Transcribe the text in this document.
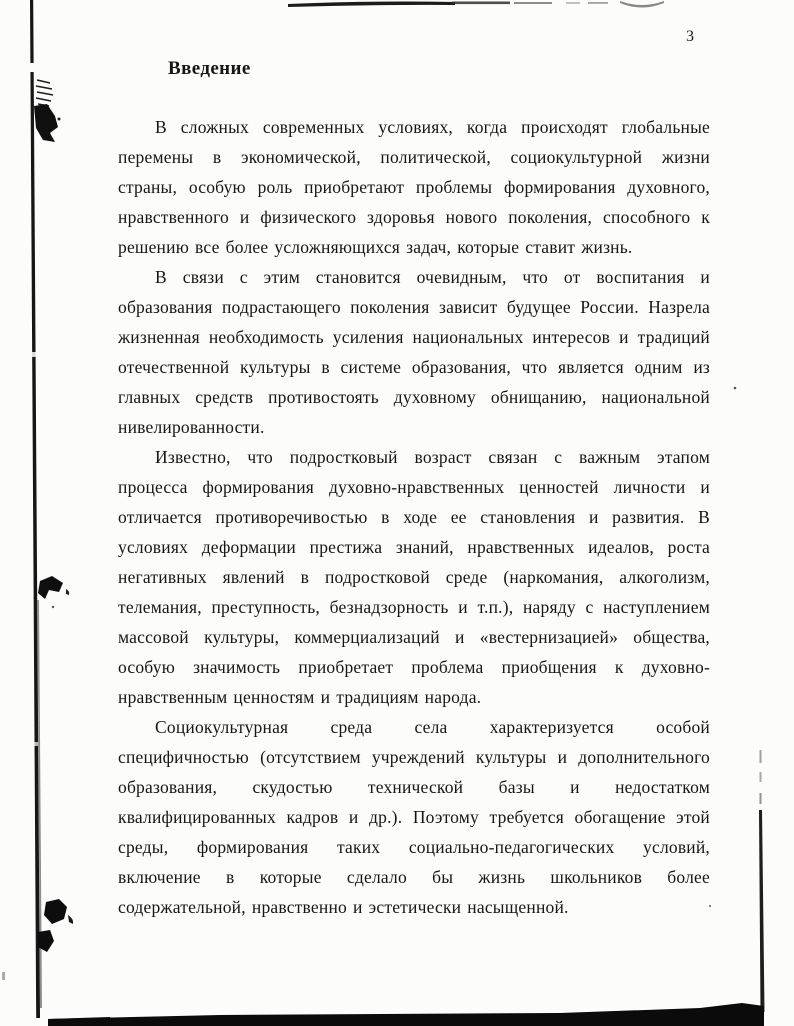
3
Введение
В сложных современных условиях, когда происходят глобальные
перемены в экономической, политической, социокультурной жизни
страны, особую роль приобретают проблемы формирования духовного,
нравственного и физического здоровья нового поколения, способного к
решению все более усложняющихся задач, которые ставит жизнь.
В связи с этим становится очевидным, что от воспитания и
образования подрастающего поколения зависит будущее России. Назрела
жизненная необходимость усиления национальных интересов и традиций
отечественной культуры в системе образования, что является одним из
главных средств противостоять духовному обнищанию, национальной
нивелированности.
Известно, что подростковый возраст связан с важным этапом
процесса формирования духовно-нравственных ценностей личности и
отличается противоречивостью в ходе ее становления и развития. В
условиях деформации престижа знаний, нравственных идеалов, роста
негативных явлений в подростковой среде (наркомания, алкоголизм,
телемания, преступность, безнадзорность и т.п.), наряду с наступлением
массовой культуры, коммерциализаций и «вестернизацией» общества,
особую значимость приобретает проблема приобщения к духовно-
нравственным ценностям и традициям народа.
Социокультурная среда села характеризуется особой
специфичностью (отсутствием учреждений культуры и дополнительного
образования, скудостью технической базы и недостатком
квалифицированных кадров и др.). Поэтому требуется обогащение этой
среды, формирования таких социально-педагогических условий,
включение в которые сделало бы жизнь школьников более
содержательной, нравственно и эстетически насыщенной.
